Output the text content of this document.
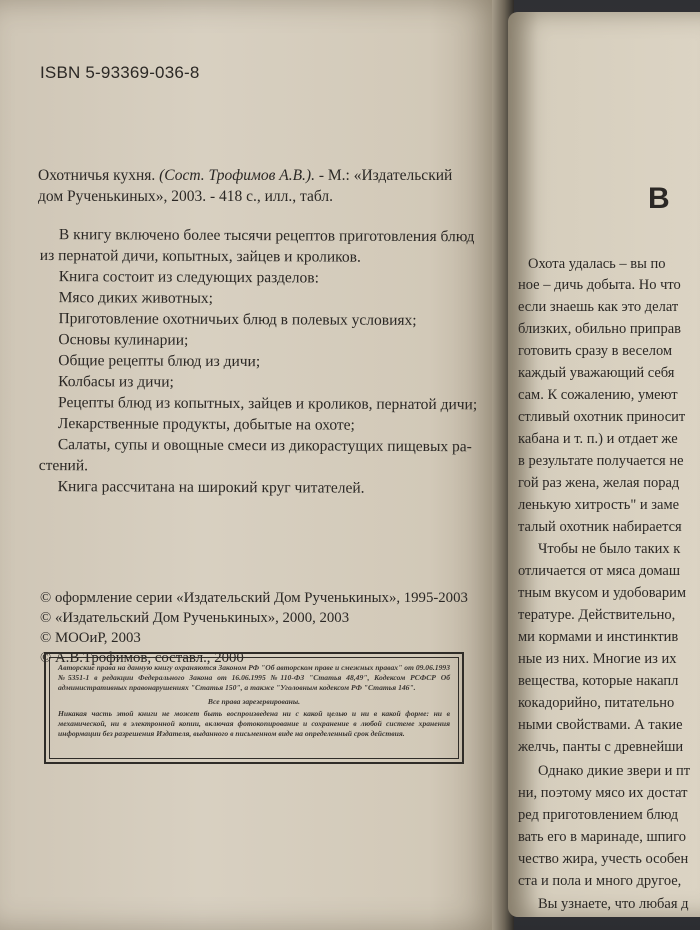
ISBN 5-93369-036-8
Охотничья кухня. (Сост. Трофимов А.В.). - М.: «Издательский
дом Рученькиных», 2003. - 418 с., илл., табл.

В книгу включено более тысячи рецептов приготовления блюд

из пернатой дичи, копытных, зайцев и кроликов.

Книга состоит из следующих разделов:

Мясо диких животных;

Приготовление охотничьих блюд в полевых условиях;

Основы кулинарии;

Общие рецепты блюд из дичи;

Колбасы из дичи;

Рецепты блюд из копытных, зайцев и кроликов, пернатой дичи;

Лекарственные продукты, добытые на охоте;

Салаты, супы и овощные смеси из дикорастущих пищевых ра-

стений.

Книга рассчитана на широкий круг читателей.

© оформление серии «Издательский Дом Рученькиных», 1995-2003
© «Издательский Дом Рученькиных», 2000, 2003
© МООиР, 2003
© А.В.Трофимов, составл., 2000

Авторские права на данную книгу охраняются Законом РФ "Об авторском праве и смежных правах" от 09.06.1993 №5351-1 в редакции Федерального Закона от 16.06.1995 №110-ФЗ "Статья 48,49", Кодексом РСФСР Об административных правонарушениях "Статья 150", а также "Уголовным кодексом РФ "Статья 146".

Все права зарезервированы.

Никакая часть этой книги не может быть воспроизведена ни с какой целью и ни в какой форме: ни в механической, ни в электронной копии, включая фотокопирование и сохранение в любой системе хранения информации без разрешения Издателя, выданного в письменном виде на определенный срок действия.

В
Охота удалась – вы по
ное – дичь добыта. Но что
если знаешь как это делат
близких, обильно приправ
готовить сразу в веселом
каждый уважающий себя
сам. К сожалению, умеют
стливый охотник приносит
кабана и т. п.) и отдает же
в результате получается не
гой раз жена, желая порад
ленькую хитрость" и заме
талый охотник набирается
Чтобы не было таких к
отличается от мяса домаш
тным вкусом и удобоварим
тературе. Действительно,
ми кормами и инстинктив
ные из них. Многие из их
вещества, которые накапл
кокадорийно, питательно
ными свойствами. А такие
желчь, панты с древнейши
Однако дикие звери и пт
ни, поэтому мясо их достат
ред приготовлением блюд
вать его в маринаде, шпиго
чество жира, учесть особен
ста и пола и много другое,
Вы узнаете, что любая д
